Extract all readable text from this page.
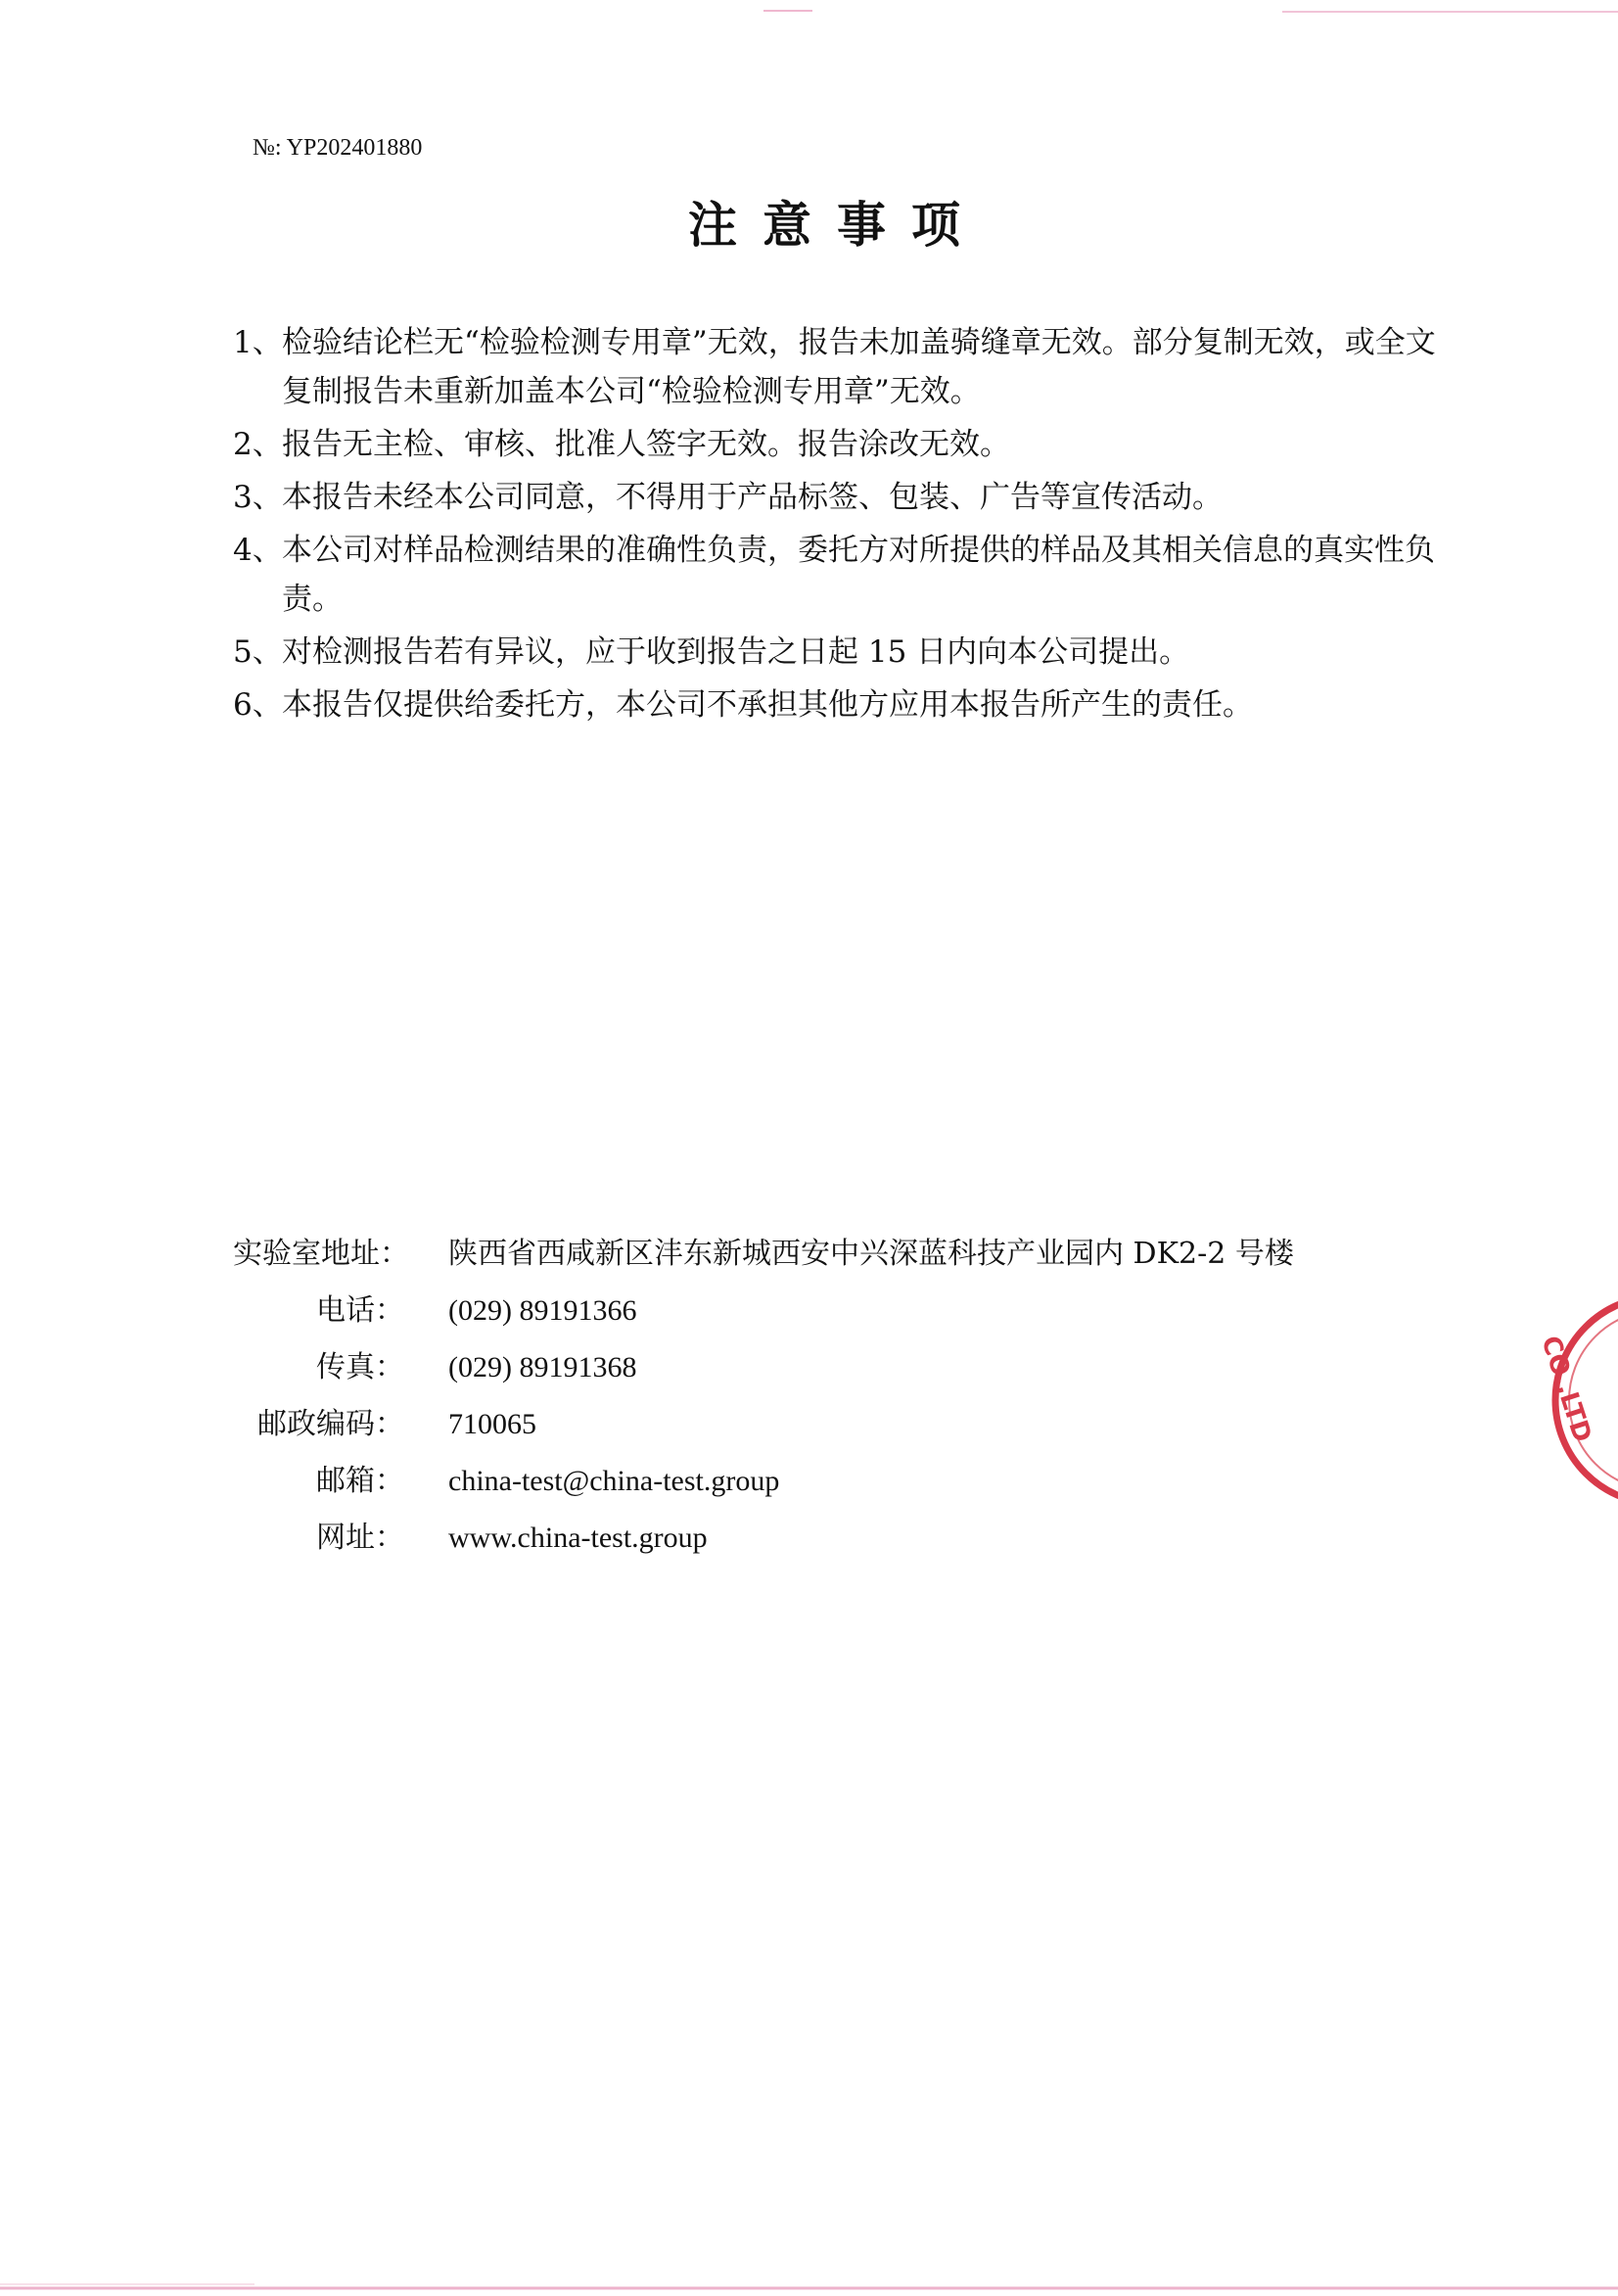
№: YP202401880
注意事项
1、 检验结论栏无“检验检测专用章”无效，报告未加盖骑缝章无效。部分复制无效，或全文复制报告未重新加盖本公司“检验检测专用章”无效。
2、 报告无主检、审核、批准人签字无效。报告涂改无效。
3、 本报告未经本公司同意，不得用于产品标签、包装、广告等宣传活动。
4、 本公司对样品检测结果的准确性负责，委托方对所提供的样品及其相关信息的真实性负责。
5、 对检测报告若有异议，应于收到报告之日起 15 日内向本公司提出。
6、 本报告仅提供给委托方，本公司不承担其他方应用本报告所产生的责任。
实验室地址： 陕西省西咸新区沣东新城西安中兴深蓝科技产业园内 DK2-2 号楼
电话： (029) 89191366
传真： (029) 89191368
邮政编码： 710065
邮箱： china-test@china-test.group
网址： www.china-test.group
CO.,LTD
